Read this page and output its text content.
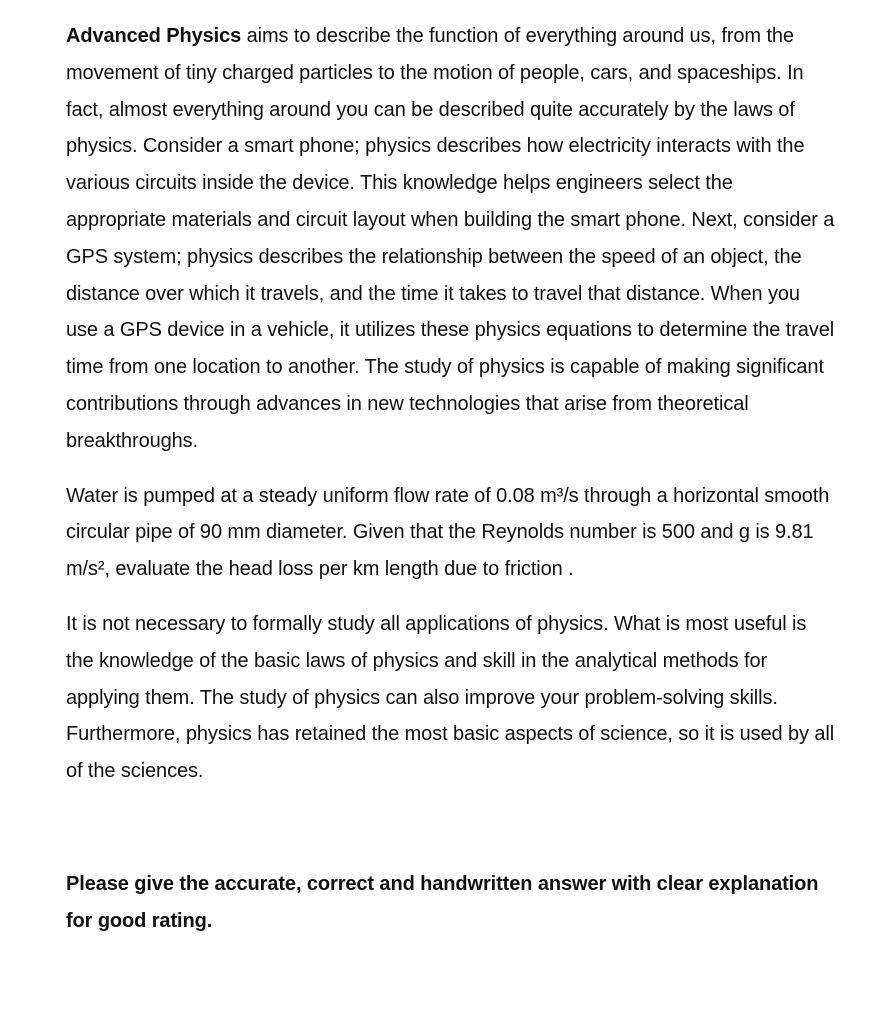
Advanced Physics aims to describe the function of everything around us, from the movement of tiny charged particles to the motion of people, cars, and spaceships. In fact, almost everything around you can be described quite accurately by the laws of physics. Consider a smart phone; physics describes how electricity interacts with the various circuits inside the device. This knowledge helps engineers select the appropriate materials and circuit layout when building the smart phone. Next, consider a GPS system; physics describes the relationship between the speed of an object, the distance over which it travels, and the time it takes to travel that distance. When you use a GPS device in a vehicle, it utilizes these physics equations to determine the travel time from one location to another. The study of physics is capable of making significant contributions through advances in new technologies that arise from theoretical breakthroughs.

Water is pumped at a steady uniform flow rate of 0.08 m³/s through a horizontal smooth circular pipe of 90 mm diameter. Given that the Reynolds number is 500 and g is 9.81 m/s², evaluate the head loss per km length due to friction .

It is not necessary to formally study all applications of physics. What is most useful is the knowledge of the basic laws of physics and skill in the analytical methods for applying them. The study of physics can also improve your problem-solving skills. Furthermore, physics has retained the most basic aspects of science, so it is used by all of the sciences.

Please give the accurate, correct and handwritten answer with clear explanation for good rating.
